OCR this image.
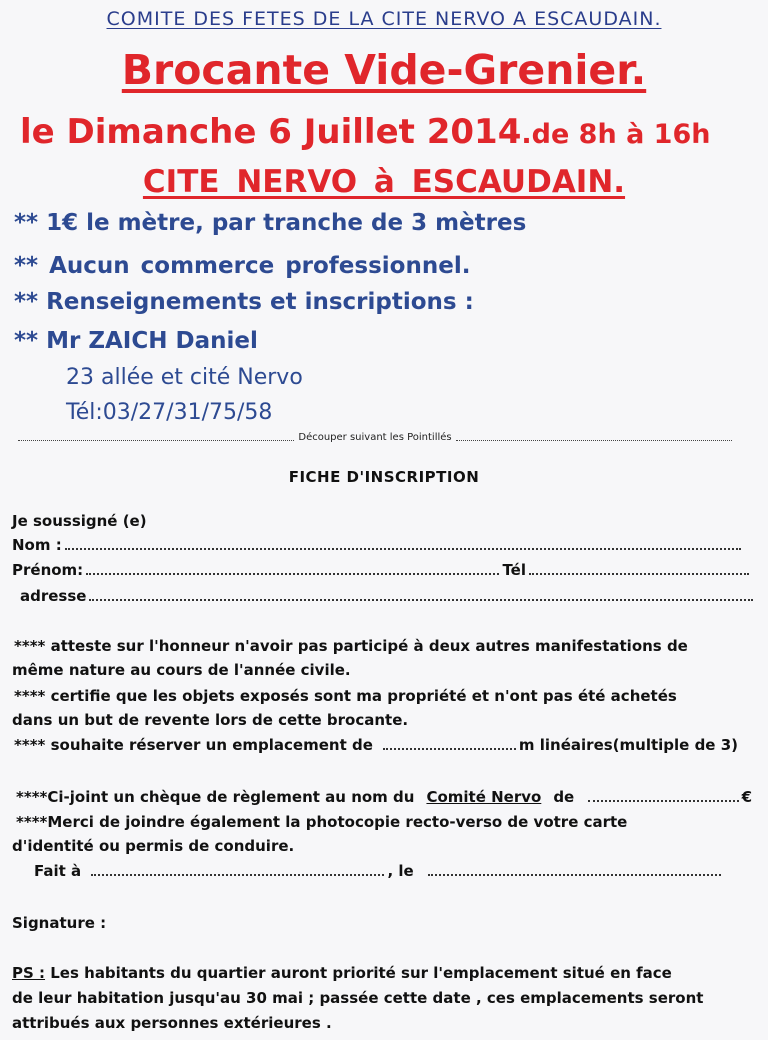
COMITE DES FETES DE LA CITE NERVO A ESCAUDAIN.
Brocante Vide-Grenier.
le Dimanche 6 Juillet 2014.de 8h à 16h
CITE NERVO à ESCAUDAIN.
** 1€ le mètre, par tranche de 3 mètres
** Aucun commerce professionnel.
** Renseignements et inscriptions :
** Mr ZAICH Daniel
23 allée et cité Nervo
Tél:03/27/31/75/58
Découper suivant les Pointillés
FICHE D'INSCRIPTION
Je soussigné (e)
Nom :
Prénom:	Tél
adresse
**** atteste sur l'honneur n'avoir pas participé à deux autres manifestations de
même nature au cours de l'année civile.
**** certifie que les objets exposés sont ma propriété et n'ont pas été achetés
dans un but de revente lors de cette brocante.
**** souhaite réserver un emplacement de	m linéaires(multiple de 3)
****Ci-joint un chèque de règlement au nom du Comité Nervo de	€
****Merci de joindre également la photocopie recto-verso de votre carte
d'identité ou permis de conduire.
Fait à	, le
Signature :
PS : Les habitants du quartier auront priorité sur l'emplacement situé en face
de leur habitation jusqu'au 30 mai ; passée cette date , ces emplacements seront
attribués aux personnes extérieures .
